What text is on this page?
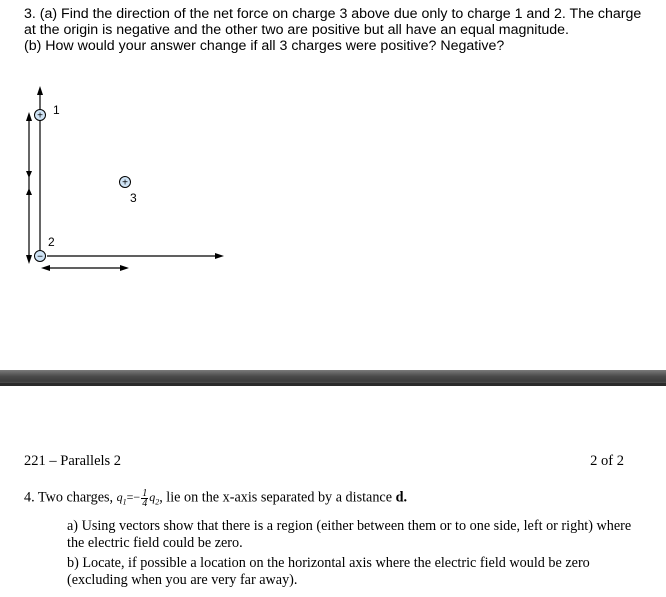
3. (a) Find the direction of the net force on charge 3 above due only to charge 1 and 2. The charge at the origin is negative and the other two are positive but all have an equal magnitude.

(b) How would your answer change if all 3 charges were positive? Negative?

+ 1
−
2
+
3
221 – Parallels 2	2 of 2

4. Two charges, $q_1=- \frac{1}{4} q_2$, lie on the x-axis separated by a distance d.

a) Using vectors show that there is a region (either between them or to one side, left or right) where the electric field could be zero.

b) Locate, if possible a location on the horizontal axis where the electric field would be zero (excluding when you are very far away).
